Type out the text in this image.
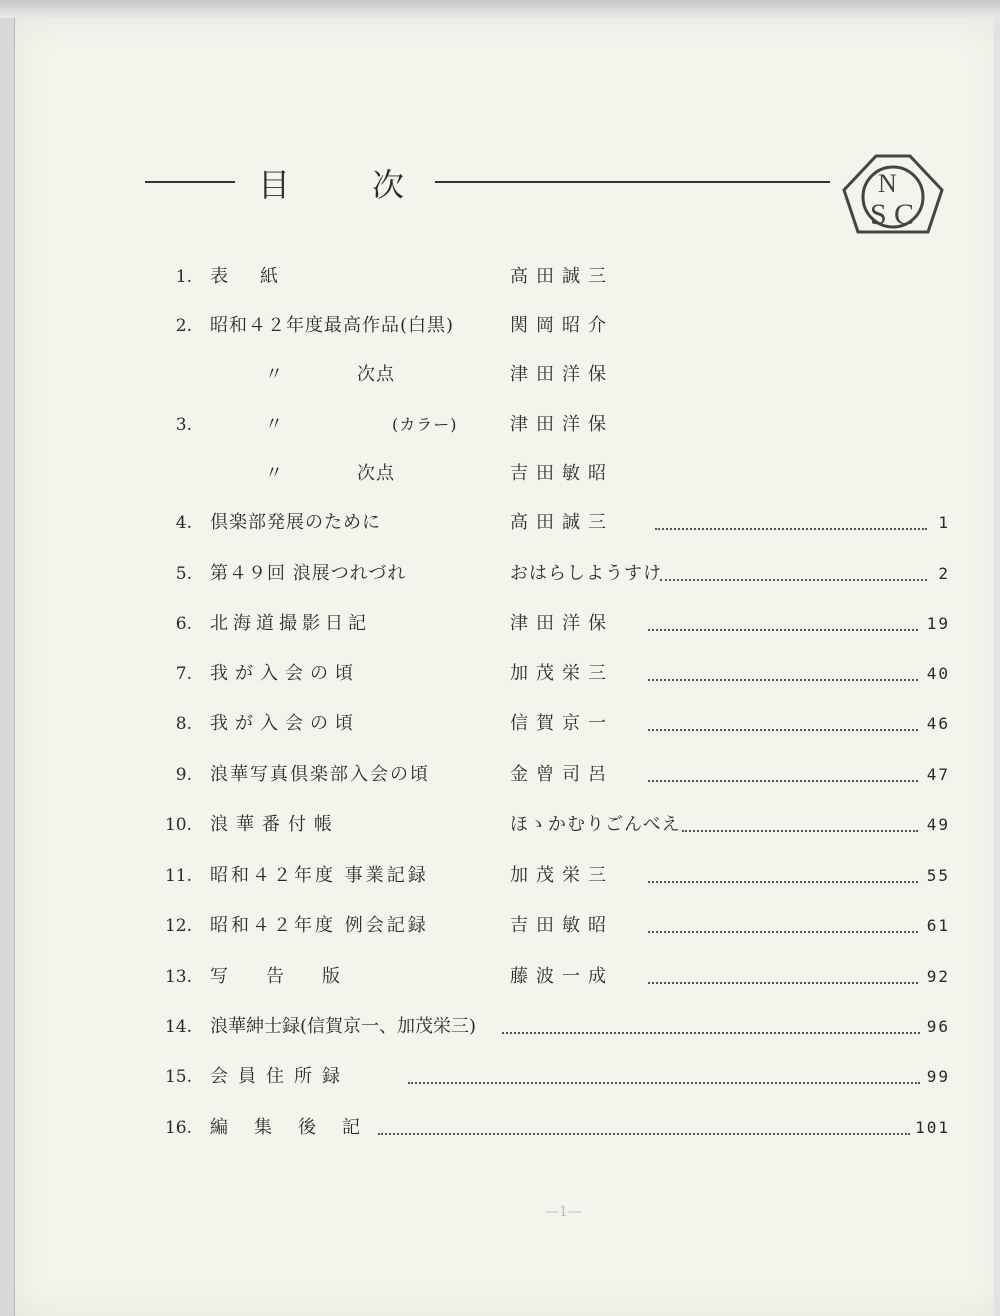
目	次	N
S C
1. 表　紙	高田誠三
2. 昭和４２年度最高作品(白黒)	関岡昭介
〃	次点	津田洋保
3.	〃	(カラー)	津田洋保
〃	次点	吉田敏昭
4. 倶楽部発展のために	高田誠三	1
5. 第４９回 浪展つれづれ	おはらしようすけ	2
6. 北海道撮影日記	津田洋保	19
7. 我が入会の頃	加茂栄三	40
8. 我が入会の頃	信賀京一	46
9. 浪華写真倶楽部入会の頃	金曾司呂	47
10. 浪華番付帳	ほゝかむりごんべえ	49
11. 昭和４２年度 事業記録	加茂栄三	55
12. 昭和４２年度 例会記録	吉田敏昭	61
13. 写　告　版	藤波一成	92
14. 浪華紳士録(信賀京一、加茂栄三)	96
15. 会員住所録	99
16. 編　集　後　記	101
—1—
